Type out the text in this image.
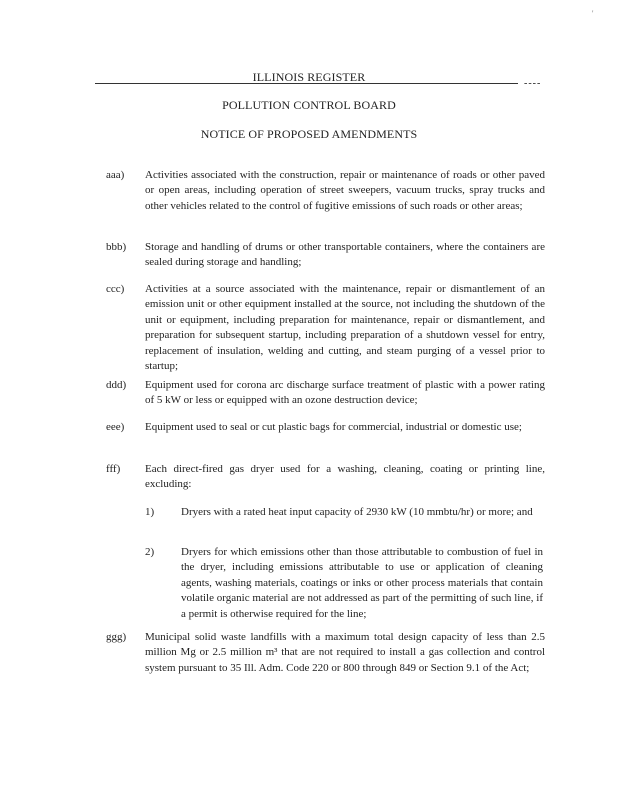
'
ILLINOIS REGISTER	----
POLLUTION CONTROL BOARD
NOTICE OF PROPOSED AMENDMENTS
aaa) Activities associated with the construction, repair or maintenance of roads or other paved or open areas, including operation of street sweepers, vacuum trucks, spray trucks and other vehicles related to the control of fugitive emissions of such roads or other areas;
bbb) Storage and handling of drums or other transportable containers, where the containers are sealed during storage and handling;
ccc) Activities at a source associated with the maintenance, repair or dismantlement of an emission unit or other equipment installed at the source, not including the shutdown of the unit or equipment, including preparation for maintenance, repair or dismantlement, and preparation for subsequent startup, including preparation of a shutdown vessel for entry, replacement of insulation, welding and cutting, and steam purging of a vessel prior to startup;
ddd) Equipment used for corona arc discharge surface treatment of plastic with a power rating of 5 kW or less or equipped with an ozone destruction device;
eee) Equipment used to seal or cut plastic bags for commercial, industrial or domestic use;
fff) Each direct-fired gas dryer used for a washing, cleaning, coating or printing line, excluding:
1) Dryers with a rated heat input capacity of 2930 kW (10 mmbtu/hr) or more; and
2) Dryers for which emissions other than those attributable to combustion of fuel in the dryer, including emissions attributable to use or application of cleaning agents, washing materials, coatings or inks or other process materials that contain volatile organic material are not addressed as part of the permitting of such line, if a permit is otherwise required for the line;
ggg) Municipal solid waste landfills with a maximum total design capacity of less than 2.5 million Mg or 2.5 million m³ that are not required to install a gas collection and control system pursuant to 35 Ill. Adm. Code 220 or 800 through 849 or Section 9.1 of the Act;
